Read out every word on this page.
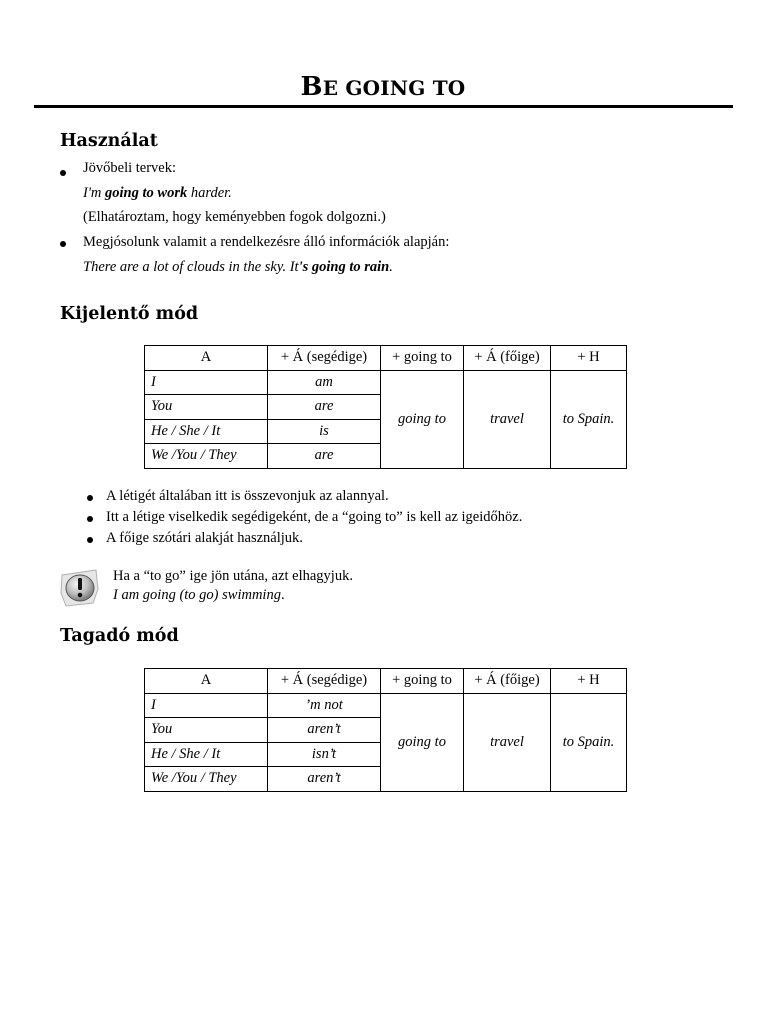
BE GOING TO
Használat
Jövőbeli tervek:
I'm going to work harder.
(Elhatároztam, hogy keményebben fogok dolgozni.)
Megjósolunk valamit a rendelkezésre álló információk alapján:
There are a lot of clouds in the sky. It's going to rain.
Kijelentő mód
A	+ Á (segédige)	+ going to	+ Á (főige)	+ H
I	am	going to	travel	to Spain.
You	are			
He / She / It	is			
We /You / They	are			
A létigét általában itt is összevonjuk az alannyal.
Itt a létige viselkedik segédigeként, de a “going to” is kell az igeidőhöz.
A főige szótári alakját használjuk.
Ha a “to go” ige jön utána, azt elhagyjuk.
I am going (to go) swimming.
Tagadó mód
A	+ Á (segédige)	+ going to	+ Á (főige)	+ H
I	’m not	going to	travel	to Spain.
You	aren’t			
He / She / It	isn’t			
We /You / They	aren’t			
